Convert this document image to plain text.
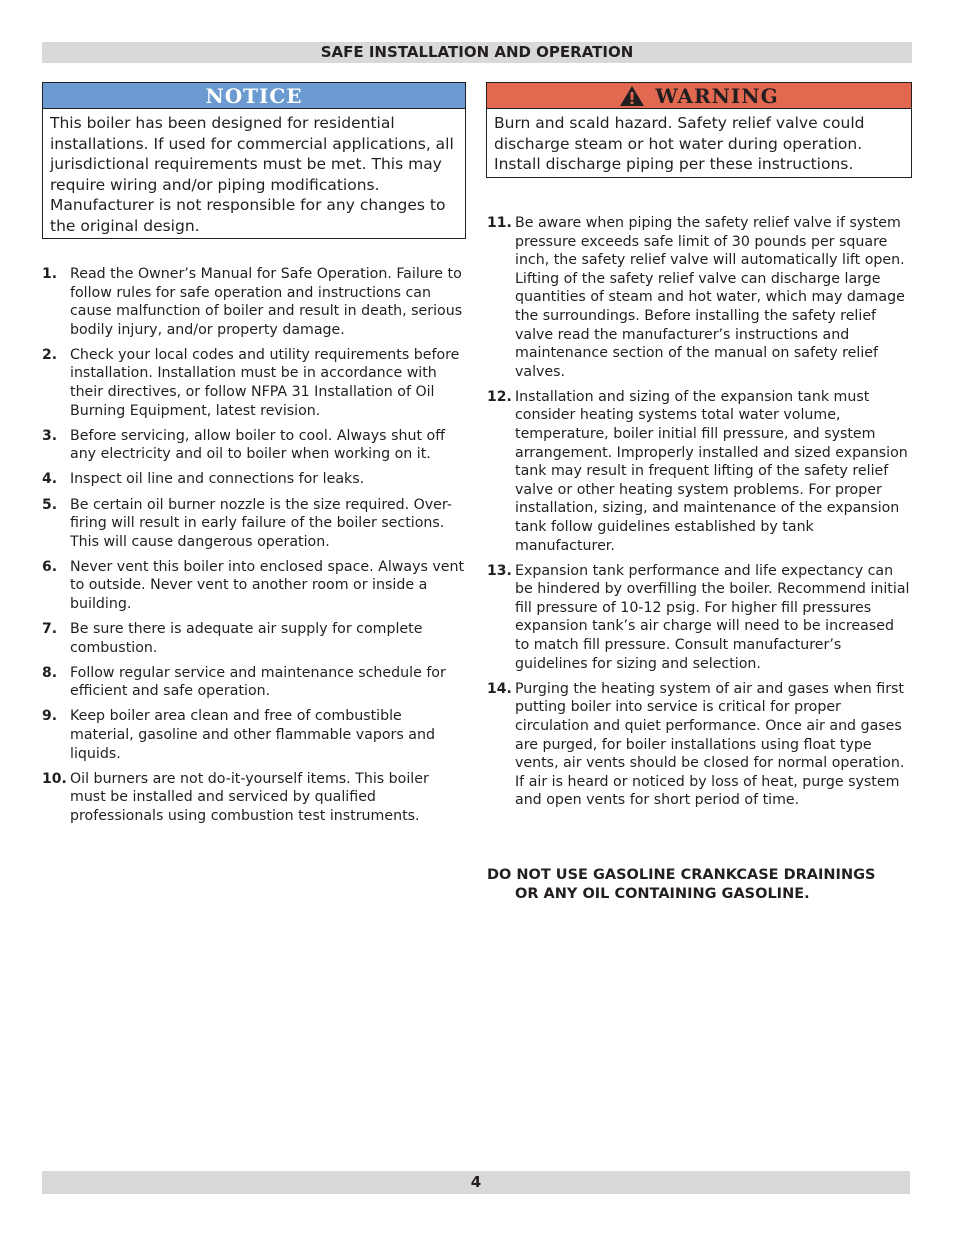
SAFE INSTALLATION AND OPERATION
NOTICE
This boiler has been designed for residential installations. If used for commercial applications, all jurisdictional requirements must be met. This may require wiring and/or piping modifications. Manufacturer is not responsible for any changes to the original design.
WARNING
Burn and scald hazard. Safety relief valve could discharge steam or hot water during operation. Install discharge piping per these instructions.
1. Read the Owner’s Manual for Safe Operation. Failure to follow rules for safe operation and instructions can cause malfunction of boiler and result in death, serious bodily injury, and/or property damage.
2. Check your local codes and utility requirements before installation. Installation must be in accordance with their directives, or follow NFPA 31 Installation of Oil Burning Equipment, latest revision.
3. Before servicing, allow boiler to cool. Always shut off any electricity and oil to boiler when working on it.
4. Inspect oil line and connections for leaks.
5. Be certain oil burner nozzle is the size required. Over-firing will result in early failure of the boiler sections. This will cause dangerous operation.
6. Never vent this boiler into enclosed space. Always vent to outside. Never vent to another room or inside a building.
7. Be sure there is adequate air supply for complete combustion.
8. Follow regular service and maintenance schedule for efficient and safe operation.
9. Keep boiler area clean and free of combustible material, gasoline and other flammable vapors and liquids.
10. Oil burners are not do-it-yourself items. This boiler must be installed and serviced by qualified professionals using combustion test instruments.
11. Be aware when piping the safety relief valve if system pressure exceeds safe limit of 30 pounds per square inch, the safety relief valve will automatically lift open. Lifting of the safety relief valve can discharge large quantities of steam and hot water, which may damage the surroundings. Before installing the safety relief valve read the manufacturer’s instructions and maintenance section of the manual on safety relief valves.
12. Installation and sizing of the expansion tank must consider heating systems total water volume, temperature, boiler initial fill pressure, and system arrangement. Improperly installed and sized expansion tank may result in frequent lifting of the safety relief valve or other heating system problems. For proper installation, sizing, and maintenance of the expansion tank follow guidelines established by tank manufacturer.
13. Expansion tank performance and life expectancy can be hindered by overfilling the boiler. Recommend initial fill pressure of 10-12 psig. For higher fill pressures expansion tank’s air charge will need to be increased to match fill pressure. Consult manufacturer’s guidelines for sizing and selection.
14. Purging the heating system of air and gases when first putting boiler into service is critical for proper circulation and quiet performance. Once air and gases are purged, for boiler installations using float type vents, air vents should be closed for normal operation. If air is heard or noticed by loss of heat, purge system and open vents for short period of time.
DO NOT USE GASOLINE CRANKCASE DRAININGS
OR ANY OIL CONTAINING GASOLINE.
4
